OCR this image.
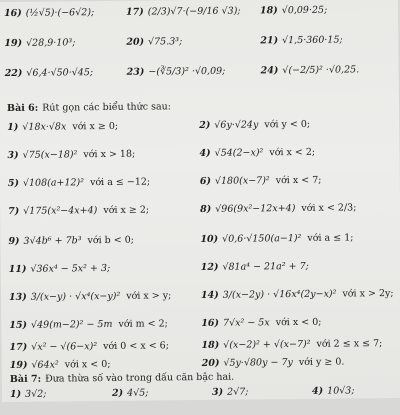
16) (½√5)·(−6√2);	17) (2/3)√7·(−9/16 √3); 18) √0,09·25;
19) √28,9·10³;	20) √75.3³;	21) √1,5·360·15;
22) √6,4·√50·√45;	23) −(∛5/3)² ·√0,09;	24) √(−2/5)² ·√0,25.
Bài 6: Rút gọn các biểu thức sau:
1) √18x·√8x với x ≥ 0;	2) √6y·√24y với y < 0;
3) √75(x−18)² với x > 18;	4) √54(2−x)² với x < 2;
5) √108(a+12)² với a ≤ −12;	6) √180(x−7)² với x < 7;
7) √175(x²−4x+4) với x ≥ 2;	8) √96(9x²−12x+4) với x < 2/3;
9) 3√4b⁶ + 7b³ với b < 0;	10) √0,6·√150(a−1)² với a ≤ 1;
11) √36x⁴ − 5x² + 3;	12) √81a⁴ − 21a² + 7;
13) 3/(x−y) · √x⁴(x−y)² với x > y;	14) 3/(x−2y) · √16x⁴(2y−x)² với x > 2y;
15) √49(m−2)² − 5m với m < 2;	16) 7√x² − 5x với x < 0;
17) √x² − √(6−x)² với 0 < x < 6;	18) √(x−2)² + √(x−7)² với 2 ≤ x ≤ 7;
19) √64x² với x < 0;	20) √5y·√80y − 7y với y ≥ 0.
Bài 7: Đưa thừa số vào trong dấu căn bậc hai.
1) 3√2;	2) 4√5;	3) 2√7;	4) 10√3;
